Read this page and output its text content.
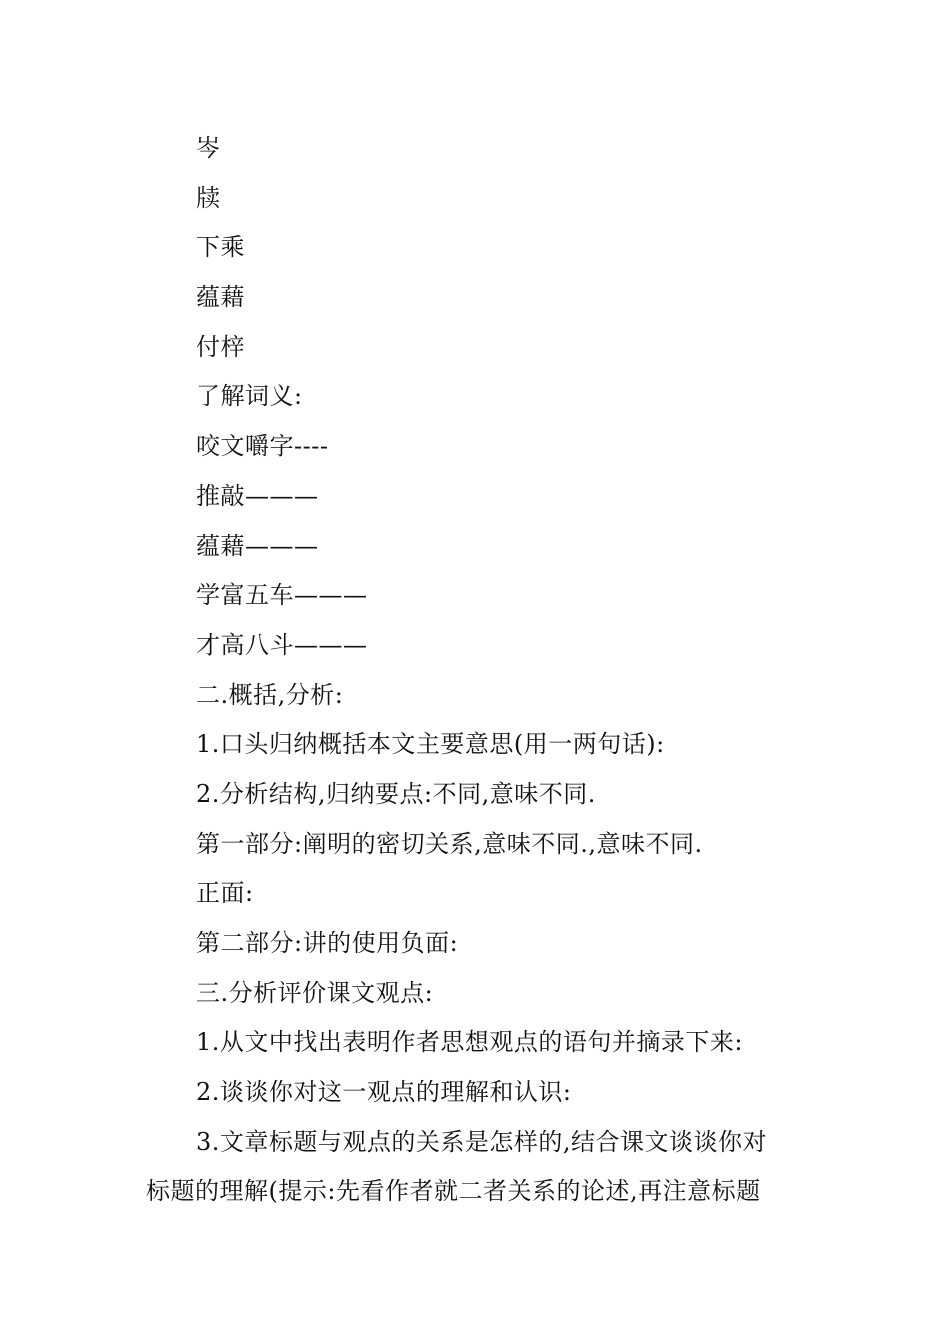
岑
牍
下乘
蕴藉
付梓
了解词义:
咬文嚼字----
推敲———
蕴藉———
学富五车———
才高八斗———
二.概括,分析:
1.口头归纳概括本文主要意思(用一两句话):
2.分析结构,归纳要点:不同,意味不同.
第一部分:阐明的密切关系,意味不同.,意味不同.
正面:
第二部分:讲的使用负面:
三.分析评价课文观点:
1.从文中找出表明作者思想观点的语句并摘录下来:
2.谈谈你对这一观点的理解和认识:
3.文章标题与观点的关系是怎样的,结合课文谈谈你对
标题的理解(提示:先看作者就二者关系的论述,再注意标题
